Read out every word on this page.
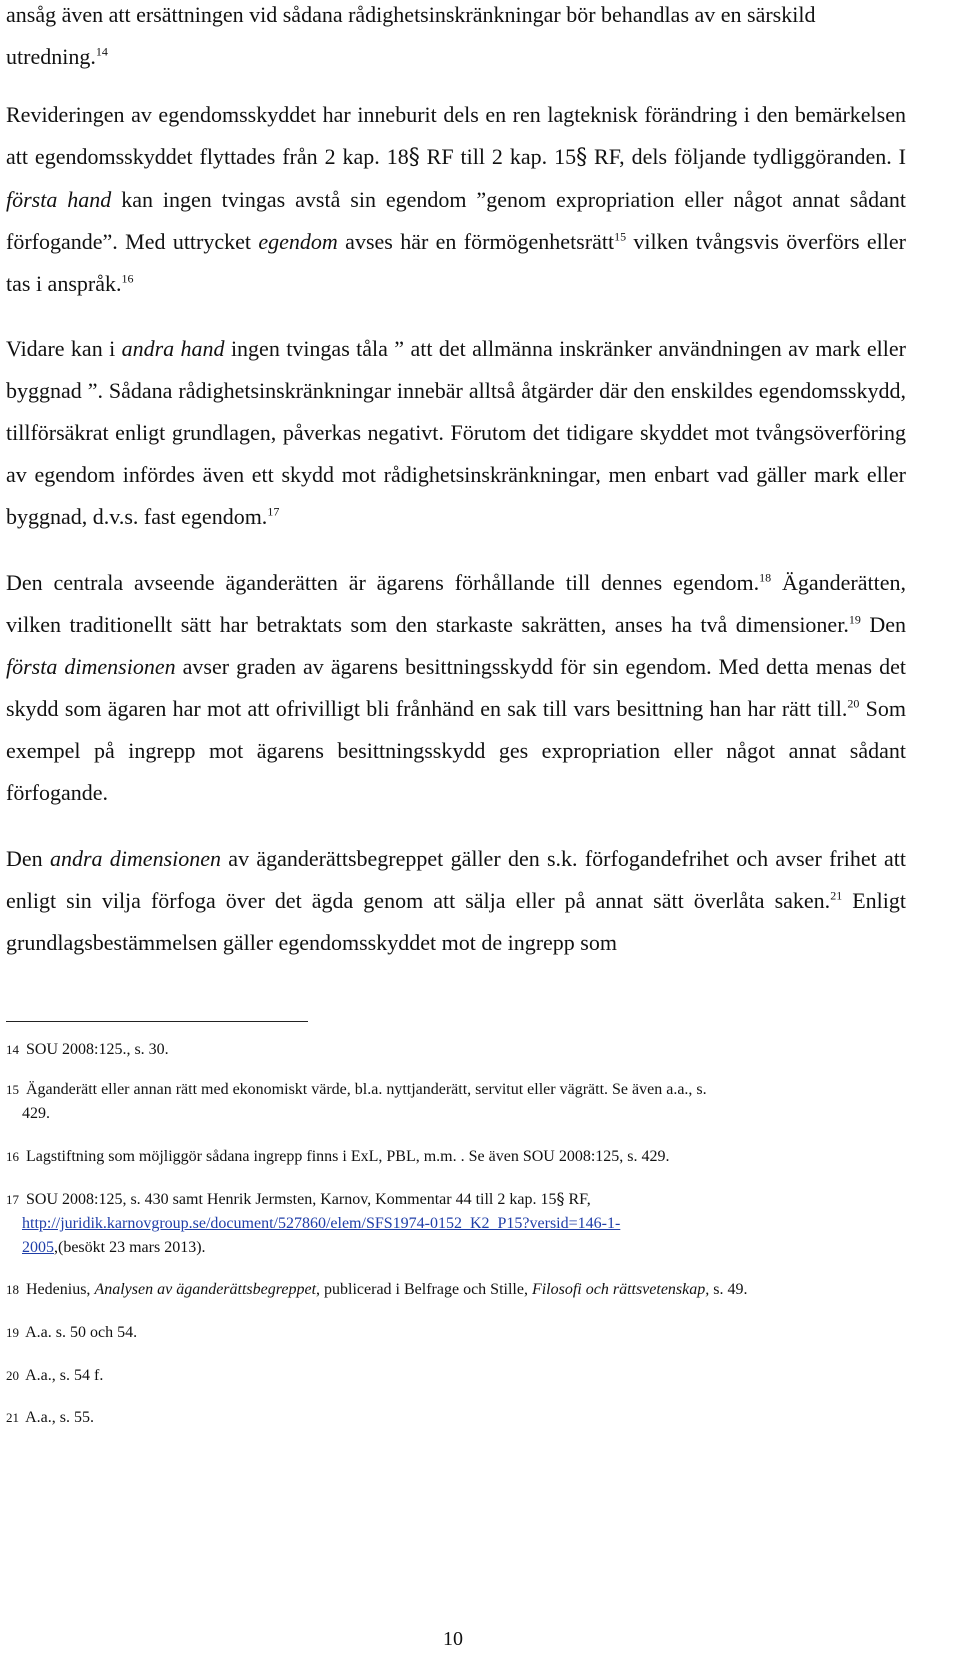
ansåg även att ersättningen vid sådana rådighetsinskränkningar bör behandlas av en särskild
utredning.$^{14}$

Revideringen av egendomsskyddet har inneburit dels en ren lagteknisk förändring i den bemärkelsen att egendomsskyddet flyttades från 2 kap. 18§ RF till 2 kap. 15§ RF, dels följande tydliggöranden. I första hand kan ingen tvingas avstå sin egendom ”genom expropriation eller något annat sådant förfogande”. Med uttrycket egendom avses här en förmögenhetsrätt$^{15}$ vilken tvångsvis överförs eller tas i anspråk.$^{16}$

Vidare kan i andra hand ingen tvingas tåla ” att det allmänna inskränker användningen av mark eller byggnad ”. Sådana rådighetsinskränkningar innebär alltså åtgärder där den enskildes egendomsskydd, tillförsäkrat enligt grundlagen, påverkas negativt. Förutom det tidigare skyddet mot tvångsöverföring av egendom infördes även ett skydd mot rådighetsinskränkningar, men enbart vad gäller mark eller byggnad, d.v.s. fast egendom.$^{17}$

Den centrala avseende äganderätten är ägarens förhållande till dennes egendom.$^{18}$ Äganderätten, vilken traditionellt sätt har betraktats som den starkaste sakrätten, anses ha två dimensioner.$^{19}$ Den första dimensionen avser graden av ägarens besittningsskydd för sin egendom. Med detta menas det skydd som ägaren har mot att ofrivilligt bli frånhänd en sak till vars besittning han har rätt till.$^{20}$ Som exempel på ingrepp mot ägarens besittningsskydd ges expropriation eller något annat sådant förfogande.

Den andra dimensionen av äganderättsbegreppet gäller den s.k. förfogandefrihet och avser frihet att enligt sin vilja förfoga över det ägda genom att sälja eller på annat sätt överlåta saken.$^{21}$ Enligt grundlagsbestämmelsen gäller egendomsskyddet mot de ingrepp som

14 SOU 2008:125., s. 30.
15 Äganderätt eller annan rätt med ekonomiskt värde, bl.a. nyttjanderätt, servitut eller vägrätt. Se även a.a., s.
429.
16 Lagstiftning som möjliggör sådana ingrepp finns i ExL, PBL, m.m. . Se även SOU 2008:125, s. 429.
17 SOU 2008:125, s. 430 samt Henrik Jermsten, Karnov, Kommentar 44 till 2 kap. 15§ RF,
http://juridik.karnovgroup.se/document/527860/elem/SFS1974-0152_K2_P15?versid=146-1-
2005,(besökt 23 mars 2013).
18 Hedenius, Analysen av äganderättsbegreppet, publicerad i Belfrage och Stille, Filosofi och rättsvetenskap, s. 49.
19 A.a. s. 50 och 54.
20 A.a., s. 54 f.
21 A.a., s. 55.
10
